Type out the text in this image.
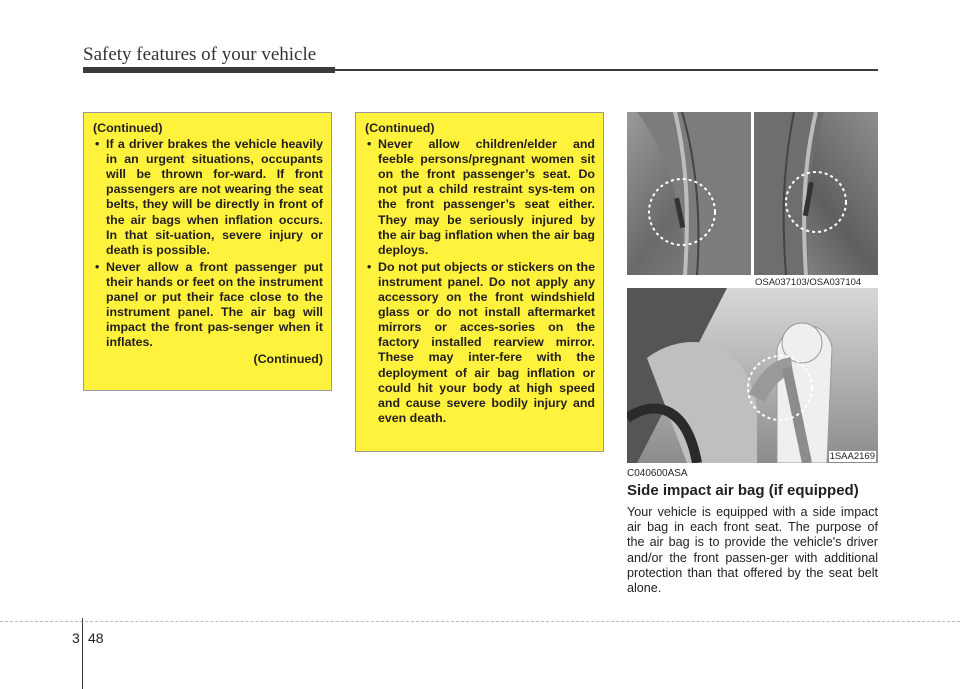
Safety features of your vehicle

(Continued)

• If a driver brakes the vehicle heavily in an urgent situations, occupants will be thrown for-ward. If front passengers are not wearing the seat belts, they will be directly in front of the air bags when inflation occurs. In that sit-uation, severe injury or death is possible.
• Never allow a front passenger put their hands or feet on the instrument panel or put their face close to the instrument panel. The air bag will impact the front pas-senger when it inflates.

(Continued)

(Continued)

• Never allow children/elder and feeble persons/pregnant women sit on the front passenger’s seat. Do not put a child restraint sys-tem on the front passenger’s seat either. They may be seriously injured by the air bag inflation when the air bag deploys.
• Do not put objects or stickers on the instrument panel. Do not apply any accessory on the front windshield glass or do not install aftermarket mirrors or acces-sories on the factory installed rearview mirror. These may inter-fere with the deployment of air bag inflation or could hit your body at high speed and cause severe bodily injury and even death.
OSA037103/OSA037104
1SAA2169
C040600ASA
Side impact air bag (if equipped)

Your vehicle is equipped with a side impact air bag in each front seat. The purpose of the air bag is to provide the vehicle's driver and/or the front passen-ger with additional protection than that offered by the seat belt alone.

3 48
